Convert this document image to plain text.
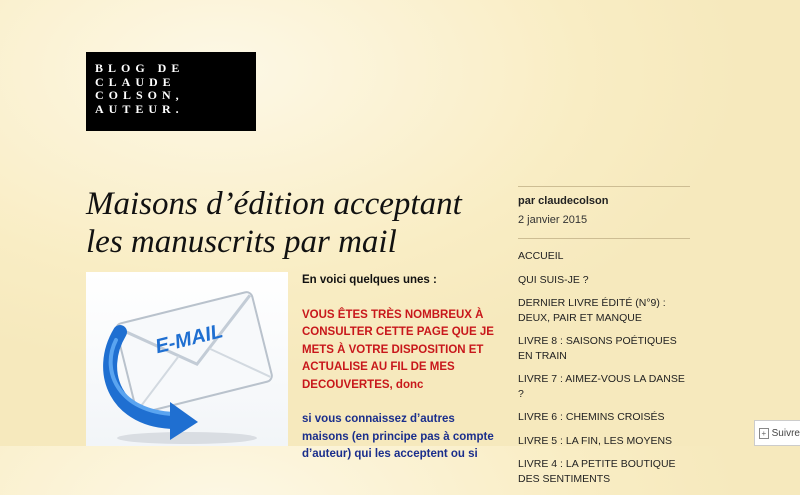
BLOG DE
CLAUDE
COLSON,
AUTEUR.
Maisons d’édition acceptant les manuscrits par mail
E-MAIL

En voici quelques unes :

VOUS ÊTES TRÈS NOMBREUX À CONSULTER CETTE PAGE QUE JE METS À VOTRE DISPOSITION ET ACTUALISE AU FIL DE MES DECOUVERTES, donc

si vous connaissez d’autres maisons (en principe pas à compte d’auteur) qui les acceptent ou si

par claudecolson
2 janvier 2015
ACCUEIL
QUI SUIS-JE ?
DERNIER LIVRE ÉDITÉ (N°9) : DEUX, PAIR ET MANQUE
LIVRE 8 : SAISONS POÉTIQUES EN TRAIN
LIVRE 7 : AIMEZ-VOUS LA DANSE ?
LIVRE 6 : CHEMINS CROISÉS
LIVRE 5 : LA FIN, LES MOYENS
LIVRE 4 : LA PETITE BOUTIQUE DES SENTIMENTS
+ Suivre
